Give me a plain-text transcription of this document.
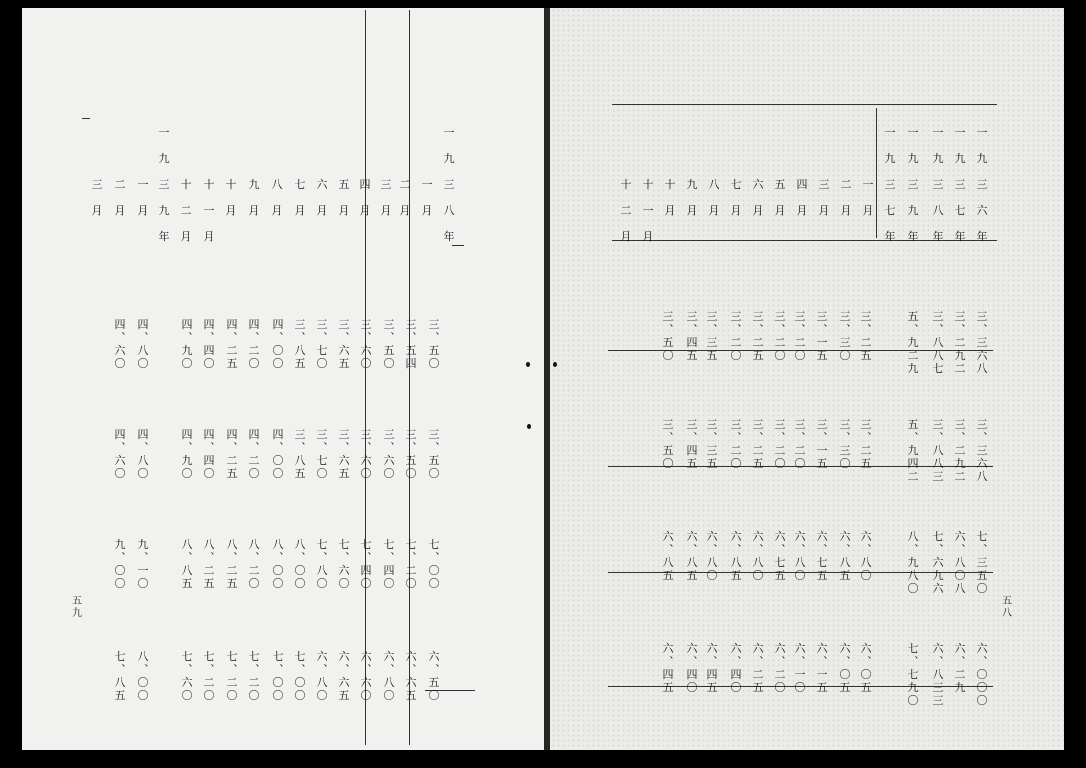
五
九
五
八
一
九
三
八
年
一
月
二
月
三
月
四
月
五
月
六
月
七
月
八
月
九
月
十
月
十
一
月
十
二
月
一
九
三
九
年
一
月
二
月
三
月
三
︑
五
〇
三
︑
五
四
三
︑
五
〇
三
︑
六
〇
三
︑
六
五
三
︑
七
〇
三
︑
八
五
四
︑
〇
〇
四
︑
二
〇
四
︑
二
五
四
︑
四
〇
四
︑
九
〇
四
︑
八
〇
四
︑
六
〇
三
︑
五
〇
三
︑
五
〇
三
︑
六
〇
三
︑
六
〇
三
︑
六
五
三
︑
七
〇
三
︑
八
五
四
︑
〇
〇
四
︑
二
〇
四
︑
二
五
四
︑
四
〇
四
︑
九
〇
四
︑
八
〇
四
︑
六
〇
七
︑
〇
〇
七
︑
二
〇
七
︑
四
〇
七
︑
四
〇
七
︑
六
〇
七
︑
八
〇
八
︑
〇
〇
八
︑
〇
〇
八
︑
二
〇
八
︑
二
五
八
︑
二
五
八
︑
八
五
九
︑
一
〇
九
︑
〇
〇
六
︑
五
〇
六
︑
六
五
六
︑
八
〇
六
︑
六
〇
六
︑
六
五
六
︑
八
〇
七
︑
〇
〇
七
︑
〇
〇
七
︑
二
〇
七
︑
二
〇
七
︑
二
〇
七
︑
六
〇
八
︑
〇
〇
七
︑
八
五
一
九
三
六
年
一
九
三
七
年
一
九
三
八
年
一
九
三
九
年
一
九
三
七
年
一
月
二
月
三
月
四
月
五
月
六
月
七
月
八
月
九
月
十
月
十
一
月
十
二
月
三
︑
三
六
八
三
︑
二
九
二
三
︑
八
八
七
五
︑
九
二
九
三
︑
二
五
三
︑
三
〇
三
︑
一
五
三
︑
二
〇
三
︑
二
〇
三
︑
二
五
三
︑
二
〇
三
︑
三
五
三
︑
四
五
三
︑
五
〇
三
︑
三
六
八
三
︑
二
九
二
三
︑
八
八
三
五
︑
九
四
二
三
︑
二
五
三
︑
三
〇
三
︑
一
五
三
︑
二
〇
三
︑
二
〇
三
︑
二
五
三
︑
二
〇
三
︑
三
五
三
︑
四
五
三
︑
五
〇
七
︑
三
五
〇
六
︑
八
〇
八
七
︑
六
九
六
八
︑
九
八
〇
六
︑
八
〇
六
︑
八
五
六
︑
七
五
六
︑
八
〇
六
︑
七
五
六
︑
八
〇
六
︑
八
五
六
︑
八
〇
六
︑
八
五
六
︑
八
五
六
︑
〇
〇
〇
六
︑
二
九
六
︑
八
三
三
七
︑
七
九
〇
六
︑
〇
五
六
︑
〇
五
六
︑
一
五
六
︑
一
〇
六
︑
二
〇
六
︑
二
五
六
︑
四
〇
六
︑
四
五
六
︑
四
〇
六
︑
四
五
